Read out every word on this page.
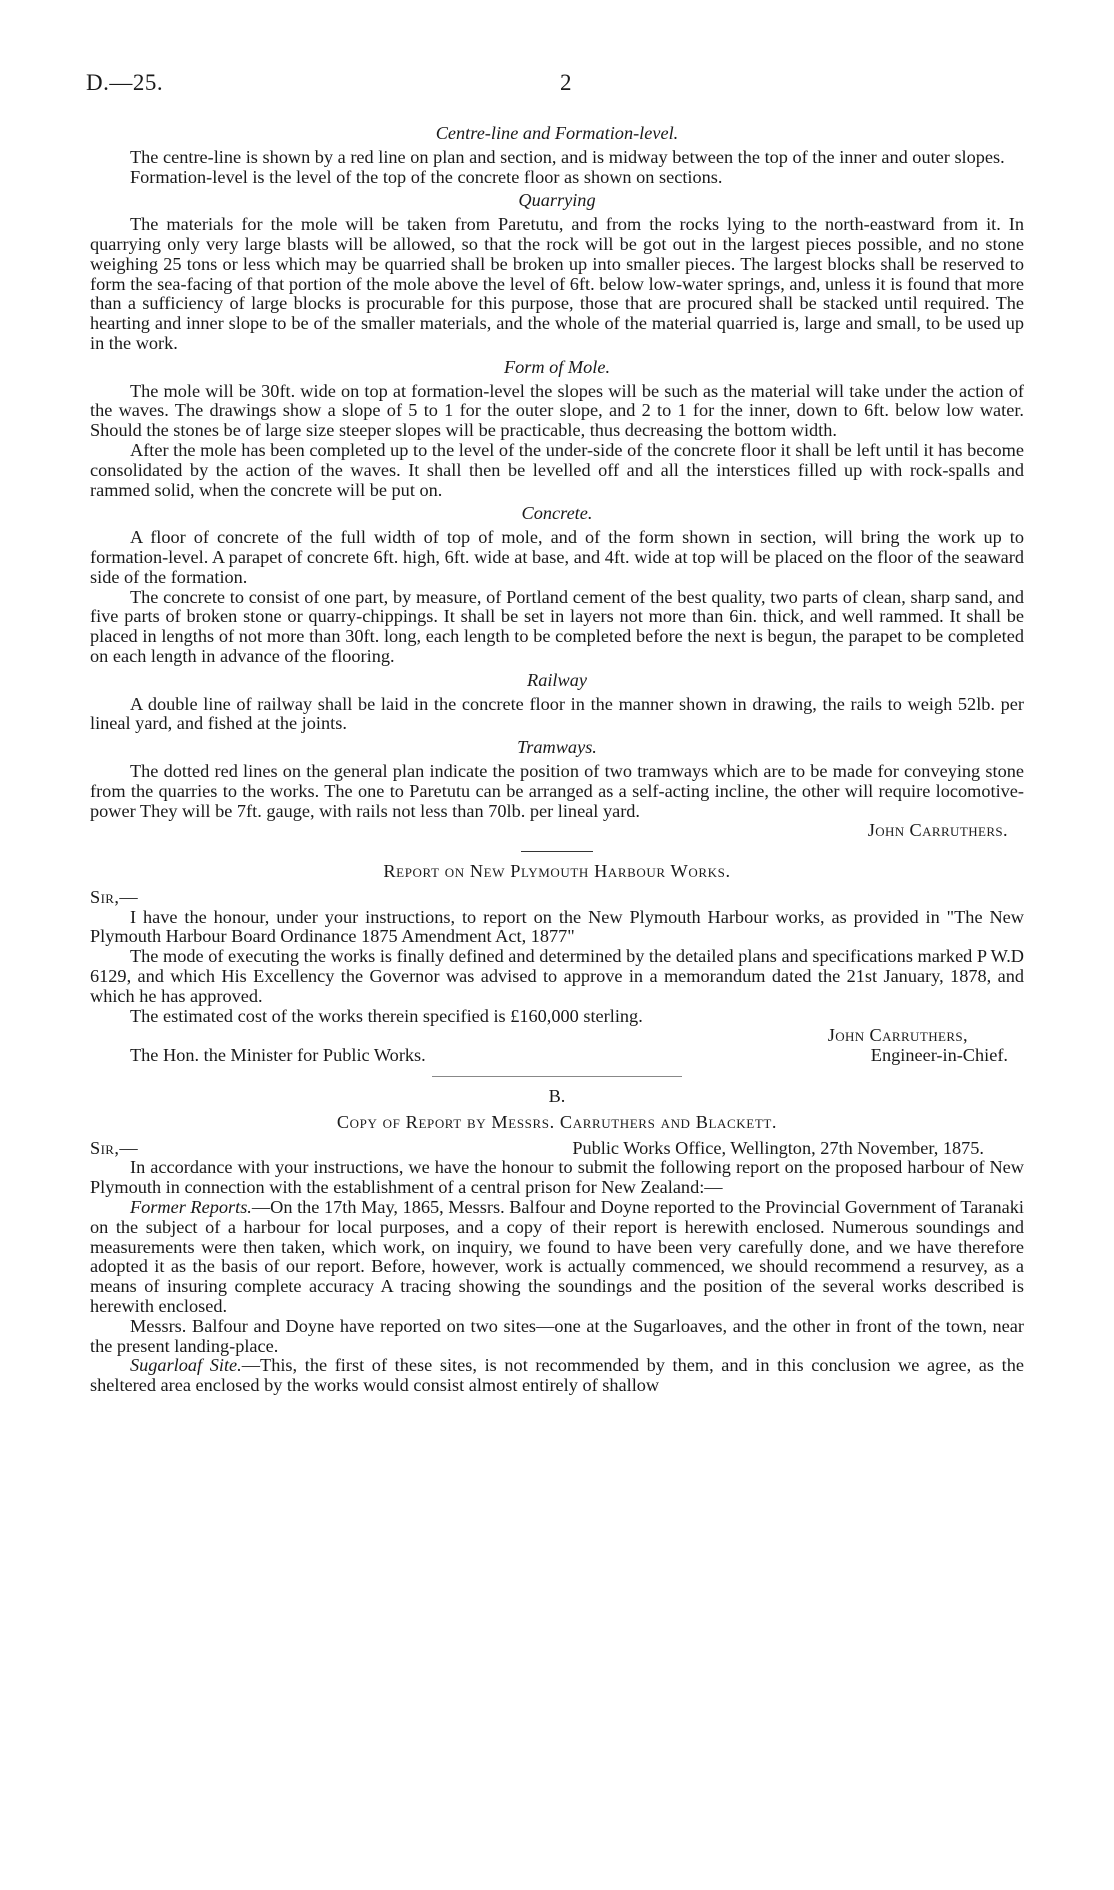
D.—25.	2
Centre-line and Formation-level.

The centre-line is shown by a red line on plan and section, and is midway between the top of the inner and outer slopes.

Formation-level is the level of the top of the concrete floor as shown on sections.

Quarrying

The materials for the mole will be taken from Paretutu, and from the rocks lying to the north-eastward from it. In quarrying only very large blasts will be allowed, so that the rock will be got out in the largest pieces possible, and no stone weighing 25 tons or less which may be quarried shall be broken up into smaller pieces. The largest blocks shall be reserved to form the sea-facing of that portion of the mole above the level of 6ft. below low-water springs, and, unless it is found that more than a sufficiency of large blocks is procurable for this purpose, those that are procured shall be stacked until required. The hearting and inner slope to be of the smaller materials, and the whole of the material quarried is, large and small, to be used up in the work.

Form of Mole.

The mole will be 30ft. wide on top at formation-level the slopes will be such as the material will take under the action of the waves. The drawings show a slope of 5 to 1 for the outer slope, and 2 to 1 for the inner, down to 6ft. below low water. Should the stones be of large size steeper slopes will be practicable, thus decreasing the bottom width.

After the mole has been completed up to the level of the under-side of the concrete floor it shall be left until it has become consolidated by the action of the waves. It shall then be levelled off and all the interstices filled up with rock-spalls and rammed solid, when the concrete will be put on.

Concrete.

A floor of concrete of the full width of top of mole, and of the form shown in section, will bring the work up to formation-level. A parapet of concrete 6ft. high, 6ft. wide at base, and 4ft. wide at top will be placed on the floor of the seaward side of the formation.

The concrete to consist of one part, by measure, of Portland cement of the best quality, two parts of clean, sharp sand, and five parts of broken stone or quarry-chippings. It shall be set in layers not more than 6in. thick, and well rammed. It shall be placed in lengths of not more than 30ft. long, each length to be completed before the next is begun, the parapet to be completed on each length in advance of the flooring.

Railway

A double line of railway shall be laid in the concrete floor in the manner shown in drawing, the rails to weigh 52lb. per lineal yard, and fished at the joints.

Tramways.

The dotted red lines on the general plan indicate the position of two tramways which are to be made for conveying stone from the quarries to the works. The one to Paretutu can be arranged as a self-acting incline, the other will require locomotive-power They will be 7ft. gauge, with rails not less than 70lb. per lineal yard.

John Carruthers.
Report on New Plymouth Harbour Works.

Sir,—

I have the honour, under your instructions, to report on the New Plymouth Harbour works, as provided in "The New Plymouth Harbour Board Ordinance 1875 Amendment Act, 1877"

The mode of executing the works is finally defined and determined by the detailed plans and specifications marked P W.D 6129, and which His Excellency the Governor was advised to approve in a memorandum dated the 21st January, 1878, and which he has approved.

The estimated cost of the works therein specified is £160,000 sterling.

John Carruthers,
The Hon. the Minister for Public Works.	Engineer-in-Chief.
B.
Copy of Report by Messrs. Carruthers and Blackett.
Sir,—	Public Works Office, Wellington, 27th November, 1875.

In accordance with your instructions, we have the honour to submit the following report on the proposed harbour of New Plymouth in connection with the establishment of a central prison for New Zealand:—

Former Reports.—On the 17th May, 1865, Messrs. Balfour and Doyne reported to the Provincial Government of Taranaki on the subject of a harbour for local purposes, and a copy of their report is herewith enclosed. Numerous soundings and measurements were then taken, which work, on inquiry, we found to have been very carefully done, and we have therefore adopted it as the basis of our report. Before, however, work is actually commenced, we should recommend a resurvey, as a means of insuring complete accuracy A tracing showing the soundings and the position of the several works described is herewith enclosed.

Messrs. Balfour and Doyne have reported on two sites—one at the Sugarloaves, and the other in front of the town, near the present landing-place.

Sugarloaf Site.—This, the first of these sites, is not recommended by them, and in this conclusion we agree, as the sheltered area enclosed by the works would consist almost entirely of shallow
